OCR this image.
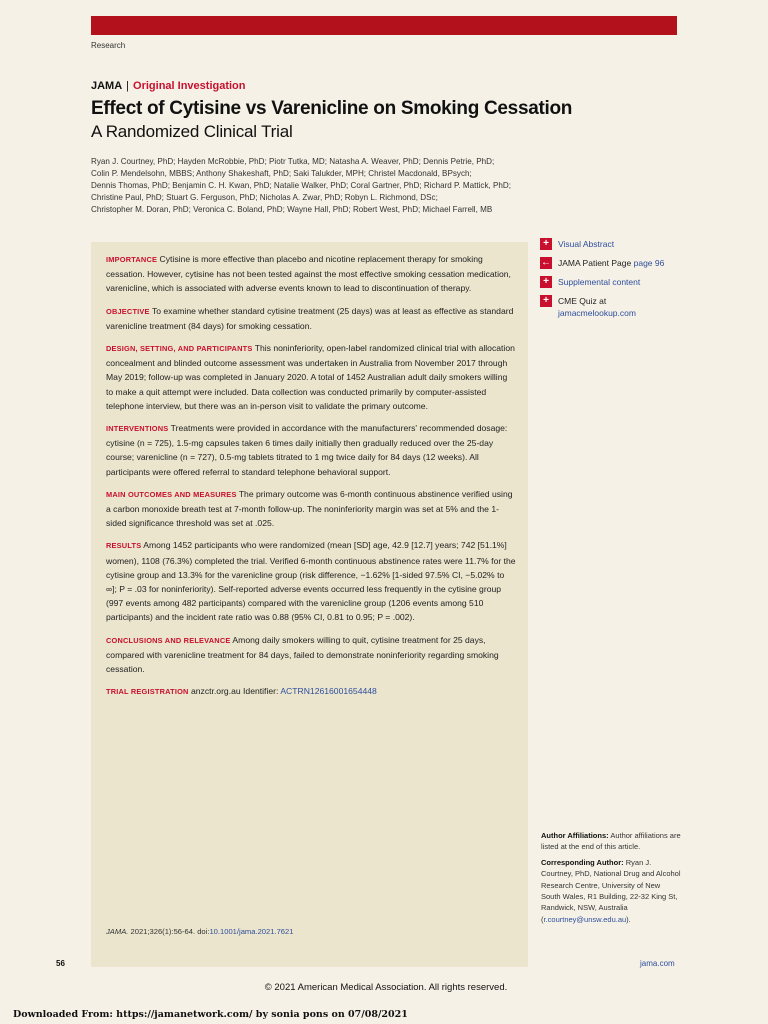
Research
JAMA | Original Investigation
Effect of Cytisine vs Varenicline on Smoking Cessation
A Randomized Clinical Trial
Ryan J. Courtney, PhD; Hayden McRobbie, PhD; Piotr Tutka, MD; Natasha A. Weaver, PhD; Dennis Petrie, PhD;
Colin P. Mendelsohn, MBBS; Anthony Shakeshaft, PhD; Saki Talukder, MPH; Christel Macdonald, BPsych;
Dennis Thomas, PhD; Benjamin C. H. Kwan, PhD; Natalie Walker, PhD; Coral Gartner, PhD; Richard P. Mattick, PhD;
Christine Paul, PhD; Stuart G. Ferguson, PhD; Nicholas A. Zwar, PhD; Robyn L. Richmond, DSc;
Christopher M. Doran, PhD; Veronica C. Boland, PhD; Wayne Hall, PhD; Robert West, PhD; Michael Farrell, MB

IMPORTANCE Cytisine is more effective than placebo and nicotine replacement therapy for smoking cessation. However, cytisine has not been tested against the most effective smoking cessation medication, varenicline, which is associated with adverse events known to lead to discontinuation of therapy.

OBJECTIVE To examine whether standard cytisine treatment (25 days) was at least as effective as standard varenicline treatment (84 days) for smoking cessation.

DESIGN, SETTING, AND PARTICIPANTS This noninferiority, open-label randomized clinical trial with allocation concealment and blinded outcome assessment was undertaken in Australia from November 2017 through May 2019; follow-up was completed in January 2020. A total of 1452 Australian adult daily smokers willing to make a quit attempt were included. Data collection was conducted primarily by computer-assisted telephone interview, but there was an in-person visit to validate the primary outcome.

INTERVENTIONS Treatments were provided in accordance with the manufacturers' recommended dosage: cytisine (n = 725), 1.5-mg capsules taken 6 times daily initially then gradually reduced over the 25-day course; varenicline (n = 727), 0.5-mg tablets titrated to 1 mg twice daily for 84 days (12 weeks). All participants were offered referral to standard telephone behavioral support.

MAIN OUTCOMES AND MEASURES The primary outcome was 6-month continuous abstinence verified using a carbon monoxide breath test at 7-month follow-up. The noninferiority margin was set at 5% and the 1-sided significance threshold was set at .025.

RESULTS Among 1452 participants who were randomized (mean [SD] age, 42.9 [12.7] years; 742 [51.1%] women), 1108 (76.3%) completed the trial. Verified 6-month continuous abstinence rates were 11.7% for the cytisine group and 13.3% for the varenicline group (risk difference, −1.62% [1-sided 97.5% CI, −5.02% to ∞]; P = .03 for noninferiority). Self-reported adverse events occurred less frequently in the cytisine group (997 events among 482 participants) compared with the varenicline group (1206 events among 510 participants) and the incident rate ratio was 0.88 (95% CI, 0.81 to 0.95; P = .002).

CONCLUSIONS AND RELEVANCE Among daily smokers willing to quit, cytisine treatment for 25 days, compared with varenicline treatment for 84 days, failed to demonstrate noninferiority regarding smoking cessation.

TRIAL REGISTRATION anzctr.org.au Identifier: ACTRN12616001654448

JAMA. 2021;326(1):56-64. doi:10.1001/jama.2021.7621
+	Visual Abstract
← JAMA Patient Page
page 96
+	Supplemental content
+	CME Quiz at
jamacmelookup.com

Author Affiliations: Author affiliations are listed at the end of this article.

Corresponding Author: Ryan J. Courtney, PhD, National Drug and Alcohol Research Centre, University of New South Wales, R1 Building, 22-32 King St, Randwick, NSW, Australia (r.courtney@unsw.edu.au).

56	jama.com
© 2021 American Medical Association. All rights reserved.
Downloaded From: https://jamanetwork.com/ by sonia pons on 07/08/2021
